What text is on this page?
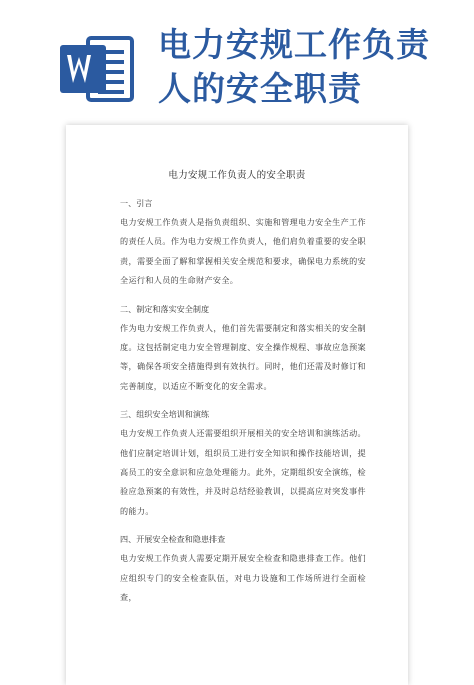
电力安规工作负责人的安全职责
电力安规工作负责人的安全职责

一、引言

电力安规工作负责人是指负责组织、实施和管理电力安全生产工作的责任人员。作为电力安规工作负责人，他们肩负着重要的安全职责，需要全面了解和掌握相关安全规范和要求，确保电力系统的安全运行和人员的生命财产安全。

二、制定和落实安全制度

作为电力安规工作负责人，他们首先需要制定和落实相关的安全制度。这包括制定电力安全管理制度、安全操作规程、事故应急预案等，确保各项安全措施得到有效执行。同时，他们还需及时修订和完善制度，以适应不断变化的安全需求。

三、组织安全培训和演练

电力安规工作负责人还需要组织开展相关的安全培训和演练活动。他们应制定培训计划，组织员工进行安全知识和操作技能培训，提高员工的安全意识和应急处理能力。此外，定期组织安全演练，检验应急预案的有效性，并及时总结经验教训，以提高应对突发事件的能力。

四、开展安全检查和隐患排查

电力安规工作负责人需要定期开展安全检查和隐患排查工作。他们应组织专门的安全检查队伍，对电力设施和工作场所进行全面检查，
